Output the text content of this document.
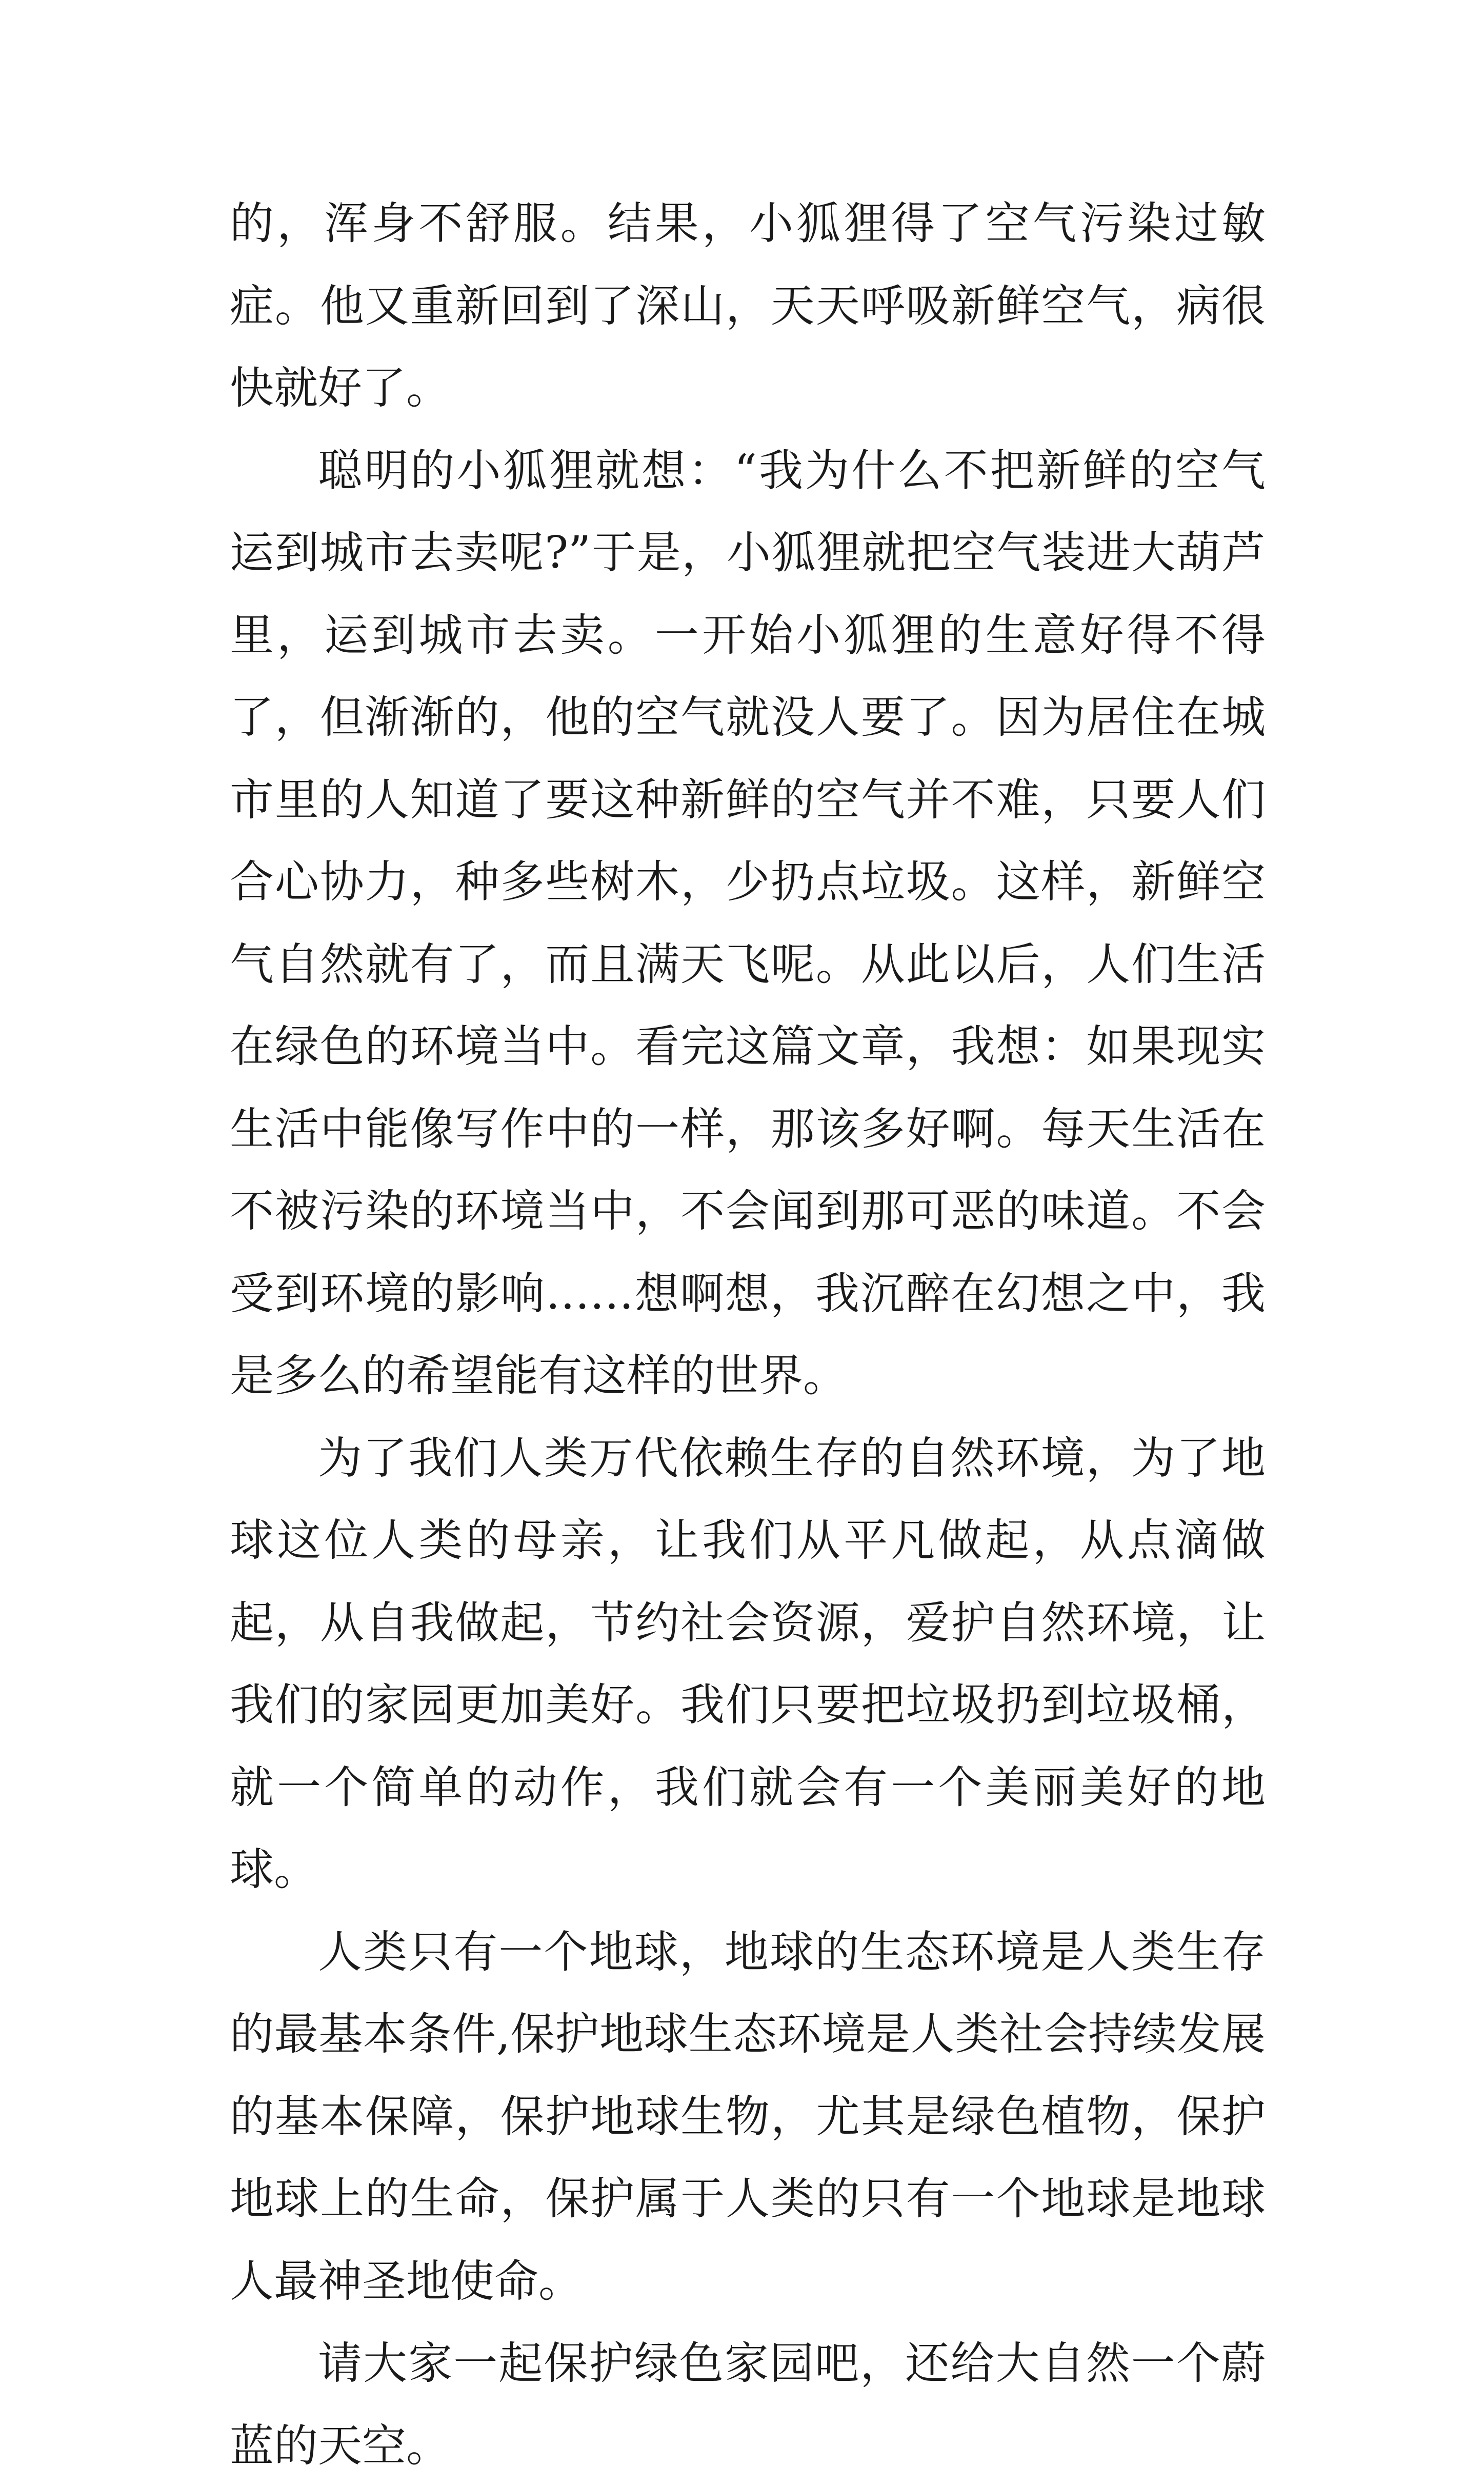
的，浑身不舒服。结果，小狐狸得了空气污染过敏症。他又重新回到了深山，天天呼吸新鲜空气，病很快就好了。

聪明的小狐狸就想：“我为什么不把新鲜的空气运到城市去卖呢?”于是，小狐狸就把空气装进大葫芦里，运到城市去卖。一开始小狐狸的生意好得不得了，但渐渐的，他的空气就没人要了。因为居住在城市里的人知道了要这种新鲜的空气并不难，只要人们合心协力，种多些树木，少扔点垃圾。这样，新鲜空气自然就有了，而且满天飞呢。从此以后，人们生活在绿色的环境当中。看完这篇文章，我想：如果现实生活中能像写作中的一样，那该多好啊。每天生活在不被污染的环境当中，不会闻到那可恶的味道。不会受到环境的影响……想啊想，我沉醉在幻想之中，我是多么的希望能有这样的世界。

为了我们人类万代依赖生存的自然环境，为了地球这位人类的母亲，让我们从平凡做起，从点滴做起，从自我做起，节约社会资源，爱护自然环境，让我们的家园更加美好。我们只要把垃圾扔到垃圾桶，就一个简单的动作，我们就会有一个美丽美好的地球。

人类只有一个地球，地球的生态环境是人类生存的最基本条件,保护地球生态环境是人类社会持续发展的基本保障，保护地球生物，尤其是绿色植物，保护地球上的生命，保护属于人类的只有一个地球是地球人最神圣地使命。

请大家一起保护绿色家园吧，还给大自然一个蔚蓝的天空。
